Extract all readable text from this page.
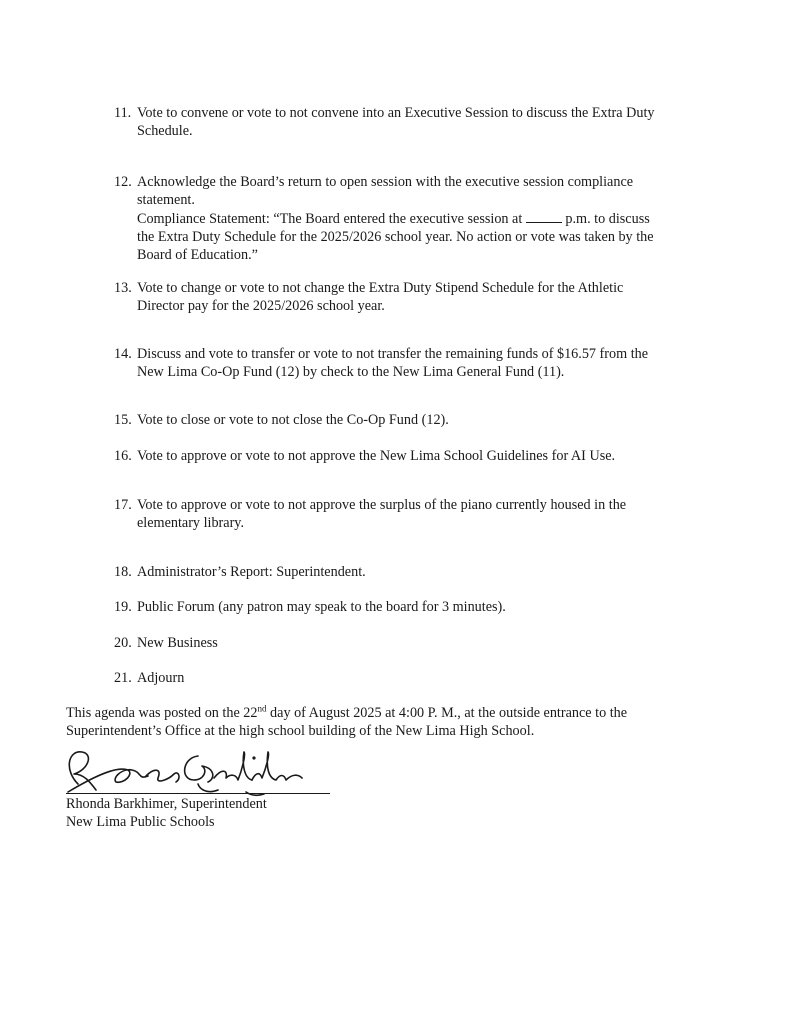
11. Vote to convene or vote to not convene into an Executive Session to discuss the Extra Duty
Schedule.
12. Acknowledge the Board’s return to open session with the executive session compliance
statement.
Compliance Statement: “The Board entered the executive session at	p.m. to discuss
the Extra Duty Schedule for the 2025/2026 school year. No action or vote was taken by the
Board of Education.”
13. Vote to change or vote to not change the Extra Duty Stipend Schedule for the Athletic
Director pay for the 2025/2026 school year.
14. Discuss and vote to transfer or vote to not transfer the remaining funds of $16.57 from the
New Lima Co-Op Fund (12) by check to the New Lima General Fund (11).
15. Vote to close or vote to not close the Co-Op Fund (12).
16. Vote to approve or vote to not approve the New Lima School Guidelines for AI Use.
17. Vote to approve or vote to not approve the surplus of the piano currently housed in the
elementary library.
18. Administrator’s Report: Superintendent.
19. Public Forum (any patron may speak to the board for 3 minutes).
20. New Business
21. Adjourn
This agenda was posted on the 22nd day of August 2025 at 4:00 P. M., at the outside entrance to the
Superintendent’s Office at the high school building of the New Lima High School.
Rhonda Barkhimer, Superintendent
New Lima Public Schools
